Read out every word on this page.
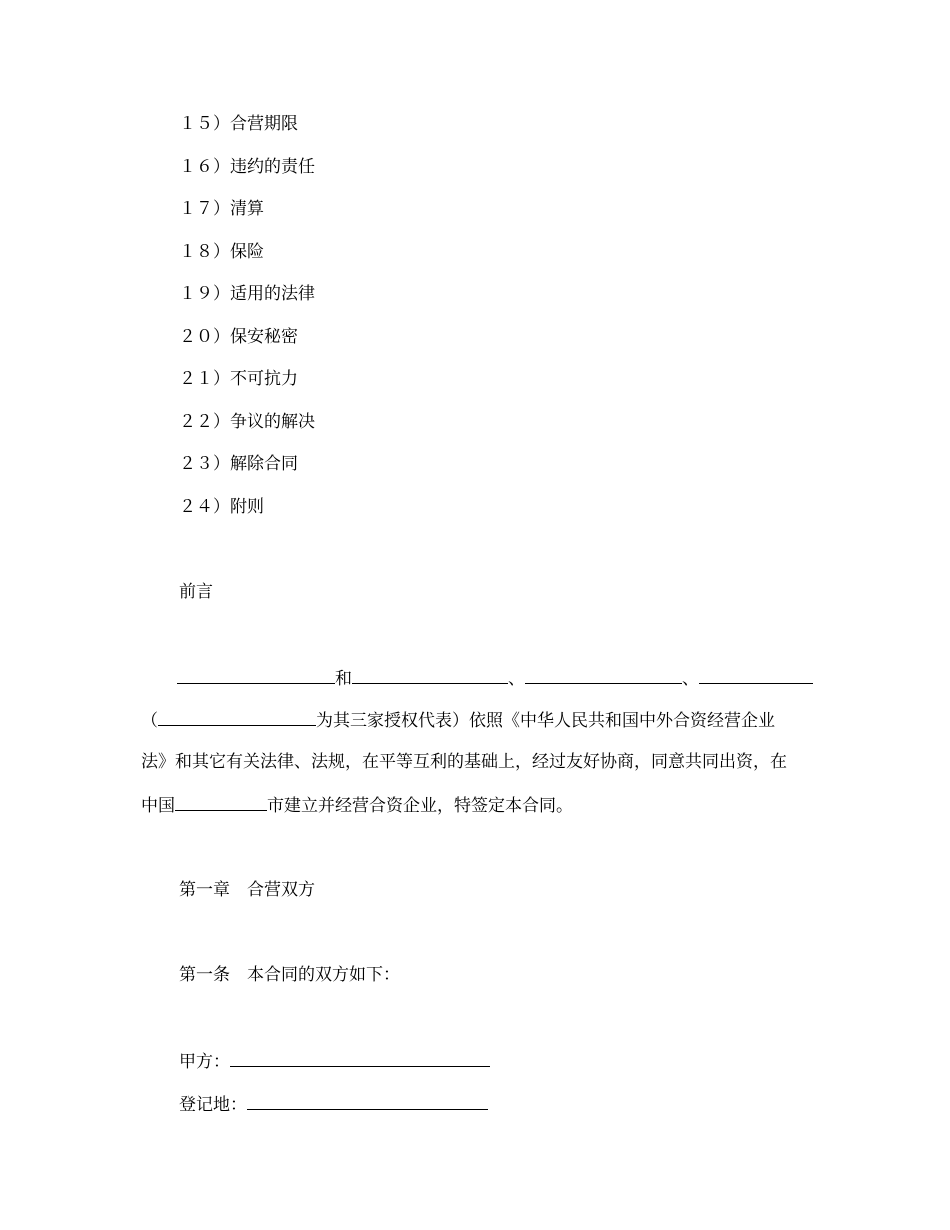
１５）合营期限
１６）违约的责任
１７）清算
１８）保险
１９）适用的法律
２０）保安秘密
２１）不可抗力
２２）争议的解决
２３）解除合同
２４）附则
前言
和	、	、
（	为其三家授权代表）依照《中华人民共和国中外合资经营企业
法》和其它有关法律、法规，在平等互利的基础上，经过友好协商，同意共同出资，在
中国	市建立并经营合资企业，特签定本合同。
第一章　合营双方
第一条　本合同的双方如下：
甲方：
登记地：
